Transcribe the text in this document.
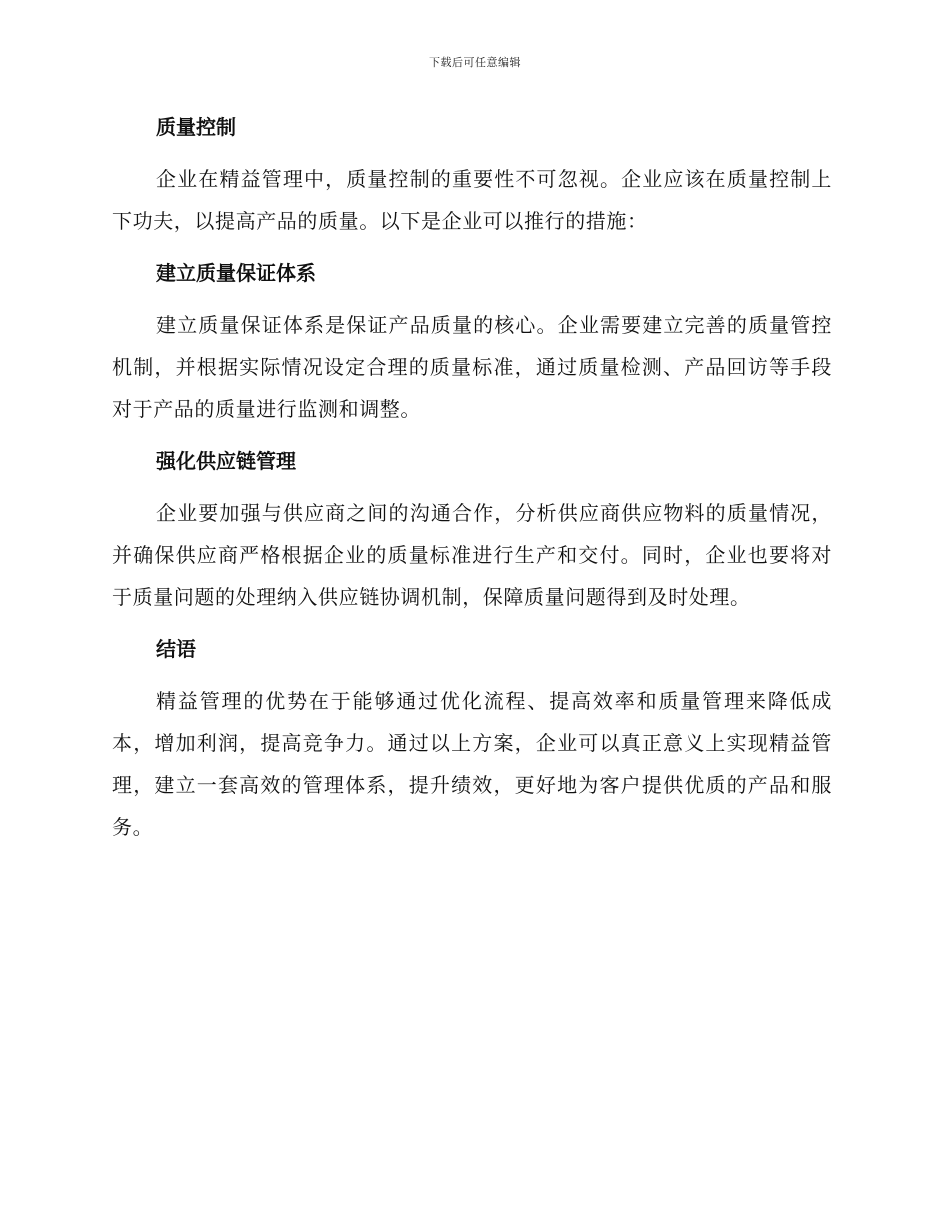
下载后可任意编辑
质量控制

企业在精益管理中，质量控制的重要性不可忽视。企业应该在质量控制上下功夫，以提高产品的质量。以下是企业可以推行的措施：

建立质量保证体系

建立质量保证体系是保证产品质量的核心。企业需要建立完善的质量管控机制，并根据实际情况设定合理的质量标准，通过质量检测、产品回访等手段对于产品的质量进行监测和调整。

强化供应链管理

企业要加强与供应商之间的沟通合作，分析供应商供应物料的质量情况，并确保供应商严格根据企业的质量标准进行生产和交付。同时，企业也要将对于质量问题的处理纳入供应链协调机制，保障质量问题得到及时处理。

结语

精益管理的优势在于能够通过优化流程、提高效率和质量管理来降低成本，增加利润，提高竞争力。通过以上方案，企业可以真正意义上实现精益管理，建立一套高效的管理体系，提升绩效，更好地为客户提供优质的产品和服务。
